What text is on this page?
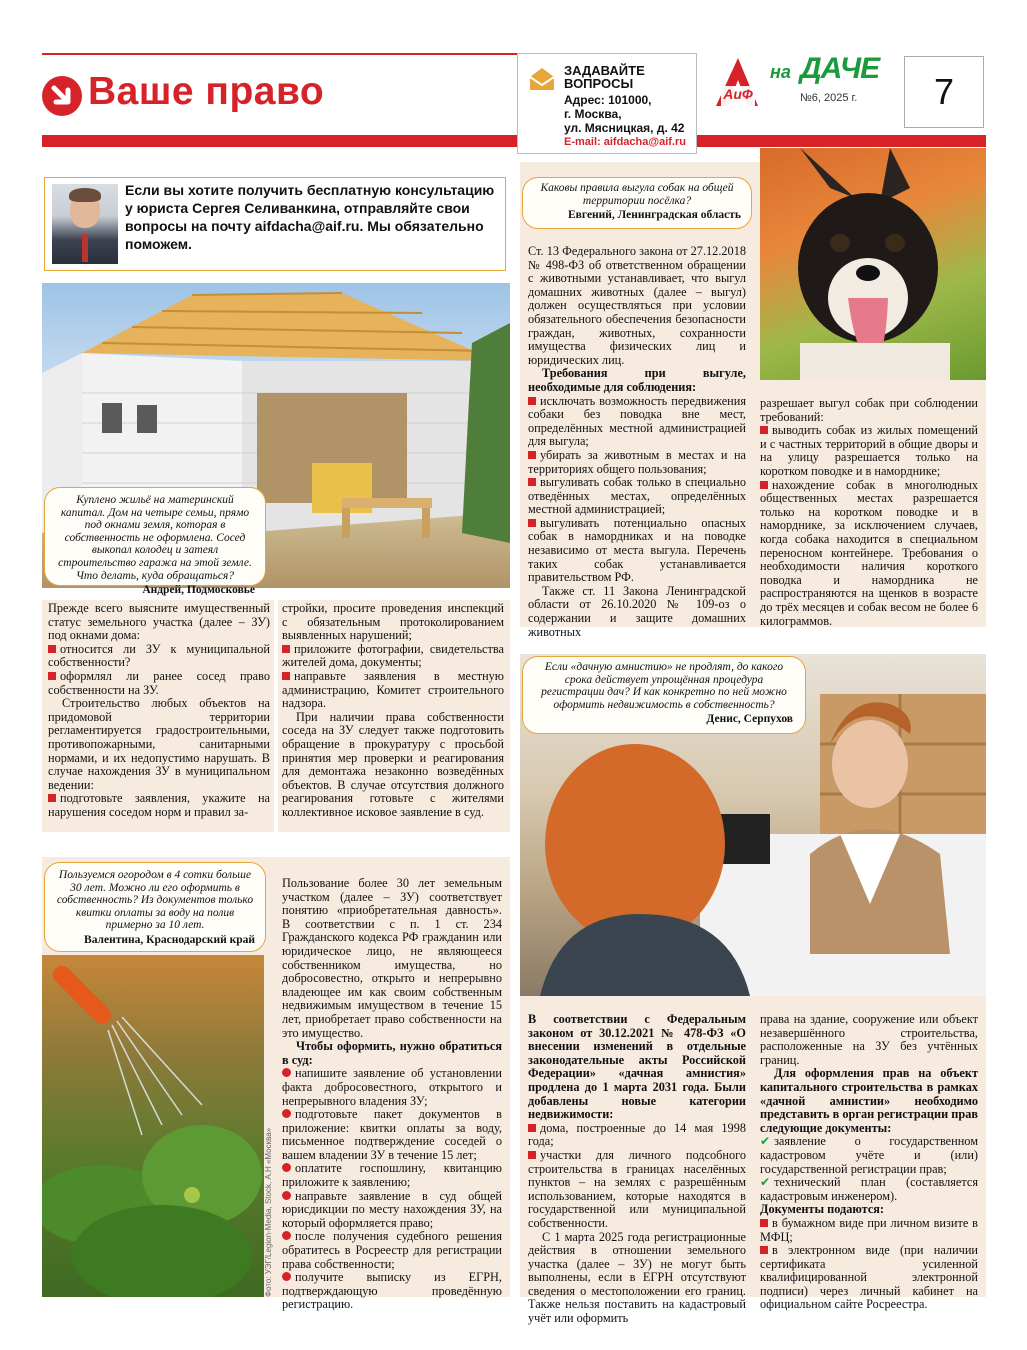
Ваше право	ЗАДАВАЙТЕ ВОПРОСЫ
Адрес: 101000,
г. Москва,
ул. Мясницкая, д. 42
E-mail: aifdacha@aif.ru
АиФ
на ДАЧЕ
№6, 2025 г.	7
Если вы хотите получить бесплатную консультацию у юриста Сергея Селиванкина, отправляйте свои вопросы на почту aifdacha@aif.ru. Мы обязательно поможем.
Куплено жильё на материнский капитал. Дом на четыре семьи, прямо под окнами земля, которая в собственность не оформлена. Сосед выкопал колодец и затеял строительство гаража на этой земле. Что делать, куда обращаться?
Андрей, Подмосковье

Прежде всего выясните имущественный статус земельного участка (далее – ЗУ) под окнами дома:

относится ли ЗУ к муниципальной собственности?

оформлял ли ранее сосед право собственности на ЗУ.

Строительство любых объектов на придомовой территории регламентируется градостроительными, противопожарными, санитарными нормами, и их недопустимо нарушать. В случае нахождения ЗУ в муниципальном ведении:

подготовьте заявления, укажите на нарушения соседом норм и правил за-

стройки, просите проведения инспекций с обязательным протоколированием выявленных нарушений;

приложите фотографии, свидетельства жителей дома, документы;

направьте заявления в местную администрацию, Комитет строительного надзора.

При наличии права собственности соседа на ЗУ следует также подготовить обращение в прокуратуру с просьбой принятия мер проверки и реагирования для демонтажа незаконно возведённых объектов. В случае отсутствия должного реагирования готовьте с жителями коллективное исковое заявление в суд.

Каковы правила выгула собак на общей территории посёлка?
Евгений, Ленинградская область

Ст. 13 Федерального закона от 27.12.2018 № 498-ФЗ об ответственном обращении с животными устанавливает, что выгул домашних животных (далее – выгул) должен осуществляться при условии обязательного обеспечения безопасности граждан, животных, сохранности имущества физических лиц и юридических лиц.

Требования при выгуле, необходимые для соблюдения:

исключать возможность передвижения собаки без поводка вне мест, определённых местной администрацией для выгула;

убирать за животным в местах и на территориях общего пользования;

выгуливать собак только в специально отведённых местах, определённых местной администрацией;

выгуливать потенциально опасных собак в намордниках и на поводке независимо от места выгула. Перечень таких собак устанавливается правительством РФ.

Также ст. 11 Закона Ленинградской области от 26.10.2020 № 109-оз о содержании и защите домашних животных

разрешает выгул собак при соблюдении требований:

выводить собак из жилых помещений и с частных территорий в общие дворы и на улицу разрешается только на коротком поводке и в наморднике;

нахождение собак в многолюдных общественных местах разрешается только на коротком поводке и в наморднике, за исключением случаев, когда собака находится в специальном переносном контейнере. Требования о необходимости наличия короткого поводка и намордника не распространяются на щенков в возрасте до трёх месяцев и собак весом не более 6 килограммов.

Фото: УЭГ/Legion-Media, Stock, А.Н «Москва»
Пользуемся огородом в 4 сотки больше 30 лет. Можно ли его оформить в собственность? Из документов только квитки оплаты за воду на полив примерно за 10 лет.
Валентина, Краснодарский край

Пользование более 30 лет земельным участком (далее – ЗУ) соответствует понятию «приобретательная давность». В соответствии с п. 1 ст. 234 Гражданского кодекса РФ гражданин или юридическое лицо, не являющееся собственником имущества, но добросовестно, открыто и непрерывно владеющее им как своим собственным недвижимым имуществом в течение 15 лет, приобретает право собственности на это имущество.

Чтобы оформить, нужно обратиться в суд:

напишите заявление об установлении факта добросовестного, открытого и непрерывного владения ЗУ;

подготовьте пакет документов в приложение: квитки оплаты за воду, письменное подтверждение соседей о вашем владении ЗУ в течение 15 лет;

оплатите госпошлину, квитанцию приложите к заявлению;

направьте заявление в суд общей юрисдикции по месту нахождения ЗУ, на который оформляется право;

после получения судебного решения обратитесь в Росреестр для регистрации права собственности;

получите выписку из ЕГРН, подтверждающую проведённую регистрацию.

Если «дачную амнистию» не продлят, до какого срока действует упрощённая процедура регистрации дач? И как конкретно по ней можно оформить недвижимость в собственность?
Денис, Серпухов

В соответствии с Федеральным законом от 30.12.2021 № 478-ФЗ «О внесении изменений в отдельные законодательные акты Российской Федерации» «дачная амнистия» продлена до 1 марта 2031 года. Были добавлены новые категории недвижимости:

дома, построенные до 14 мая 1998 года;

участки для личного подсобного строительства в границах населённых пунктов – на землях с разрешённым использованием, которые находятся в государственной или муниципальной собственности.

С 1 марта 2025 года регистрационные действия в отношении земельного участка (далее – ЗУ) не могут быть выполнены, если в ЕГРН отсутствуют сведения о местоположении его границ. Также нельзя поставить на кадастровый учёт или оформить

права на здание, сооружение или объект незавершённого строительства, расположенные на ЗУ без учтённых границ.

Для оформления прав на объект капитального строительства в рамках «дачной амнистии» необходимо представить в орган регистрации прав следующие документы:

✔ заявление о государственном кадастровом учёте и (или) государственной регистрации прав;

✔ технический план (составляется кадастровым инженером).

Документы подаются:

в бумажном виде при личном визите в МФЦ;

в электронном виде (при наличии сертификата усиленной квалифицированной электронной подписи) через личный кабинет на официальном сайте Росреестра.
